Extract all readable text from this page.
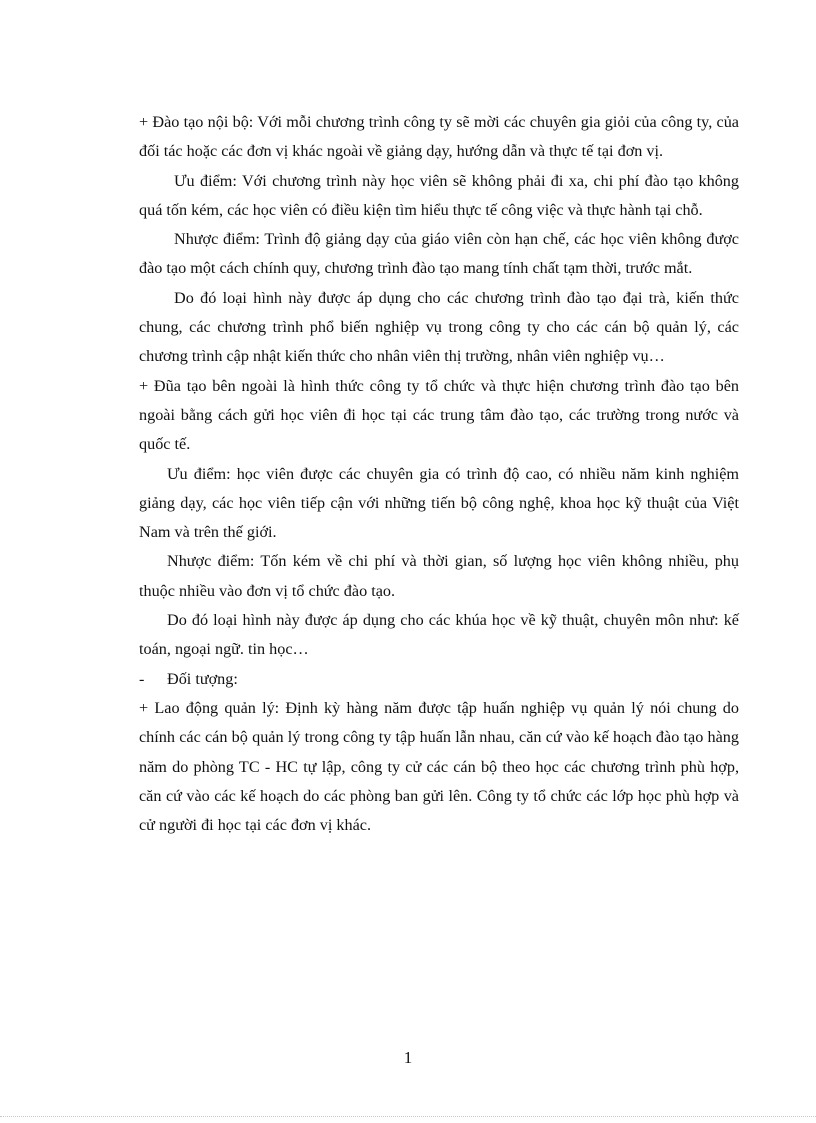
+ Đào tạo nội bộ: Với mỗi chương trình công ty sẽ mời các chuyên gia giỏi của công ty, của đối tác hoặc các đơn vị khác ngoài về giảng dạy, hướng dẫn và thực tế tại đơn vị.

Ưu điểm: Với chương trình này học viên sẽ không phải đi xa, chi phí đào tạo không quá tốn kém, các học viên có điều kiện tìm hiểu thực tế công việc và thực hành tại chỗ.

Nhược điểm: Trình độ giảng dạy của giáo viên còn hạn chế, các học viên không được đào tạo một cách chính quy, chương trình đào tạo mang tính chất tạm thời, trước mắt.

Do đó loại hình này được áp dụng cho các chương trình đào tạo đại trà, kiến thức chung, các chương trình phổ biến nghiệp vụ trong công ty cho các cán bộ quản lý, các chương trình cập nhật kiến thức cho nhân viên thị trường, nhân viên nghiệp vụ…

+ Đũa tạo bên ngoài là hình thức công ty tổ chức và thực hiện chương trình đào tạo bên ngoài bằng cách gửi học viên đi học tại các trung tâm đào tạo, các trường trong nước và quốc tế.

Ưu điểm: học viên được các chuyên gia có trình độ cao, có nhiều năm kinh nghiệm giảng dạy, các học viên tiếp cận với những tiến bộ công nghệ, khoa học kỹ thuật của Việt Nam và trên thế giới.

Nhược điểm: Tốn kém về chi phí và thời gian, số lượng học viên không nhiều, phụ thuộc nhiều vào đơn vị tổ chức đào tạo.

Do đó loại hình này được áp dụng cho các khúa học về kỹ thuật, chuyên môn như: kế toán, ngoại ngữ. tin học…

-	Đối tượng:

+ Lao động quản lý: Định kỳ hàng năm được tập huấn nghiệp vụ quản lý nói chung do chính các cán bộ quản lý trong công ty tập huấn lẫn nhau, căn cứ vào kế hoạch đào tạo hàng năm do phòng TC - HC tự lập, công ty cử các cán bộ theo học các chương trình phù hợp, căn cứ vào các kế hoạch do các phòng ban gửi lên. Công ty tổ chức các lớp học phù hợp và cử người đi học tại các đơn vị khác.

1
